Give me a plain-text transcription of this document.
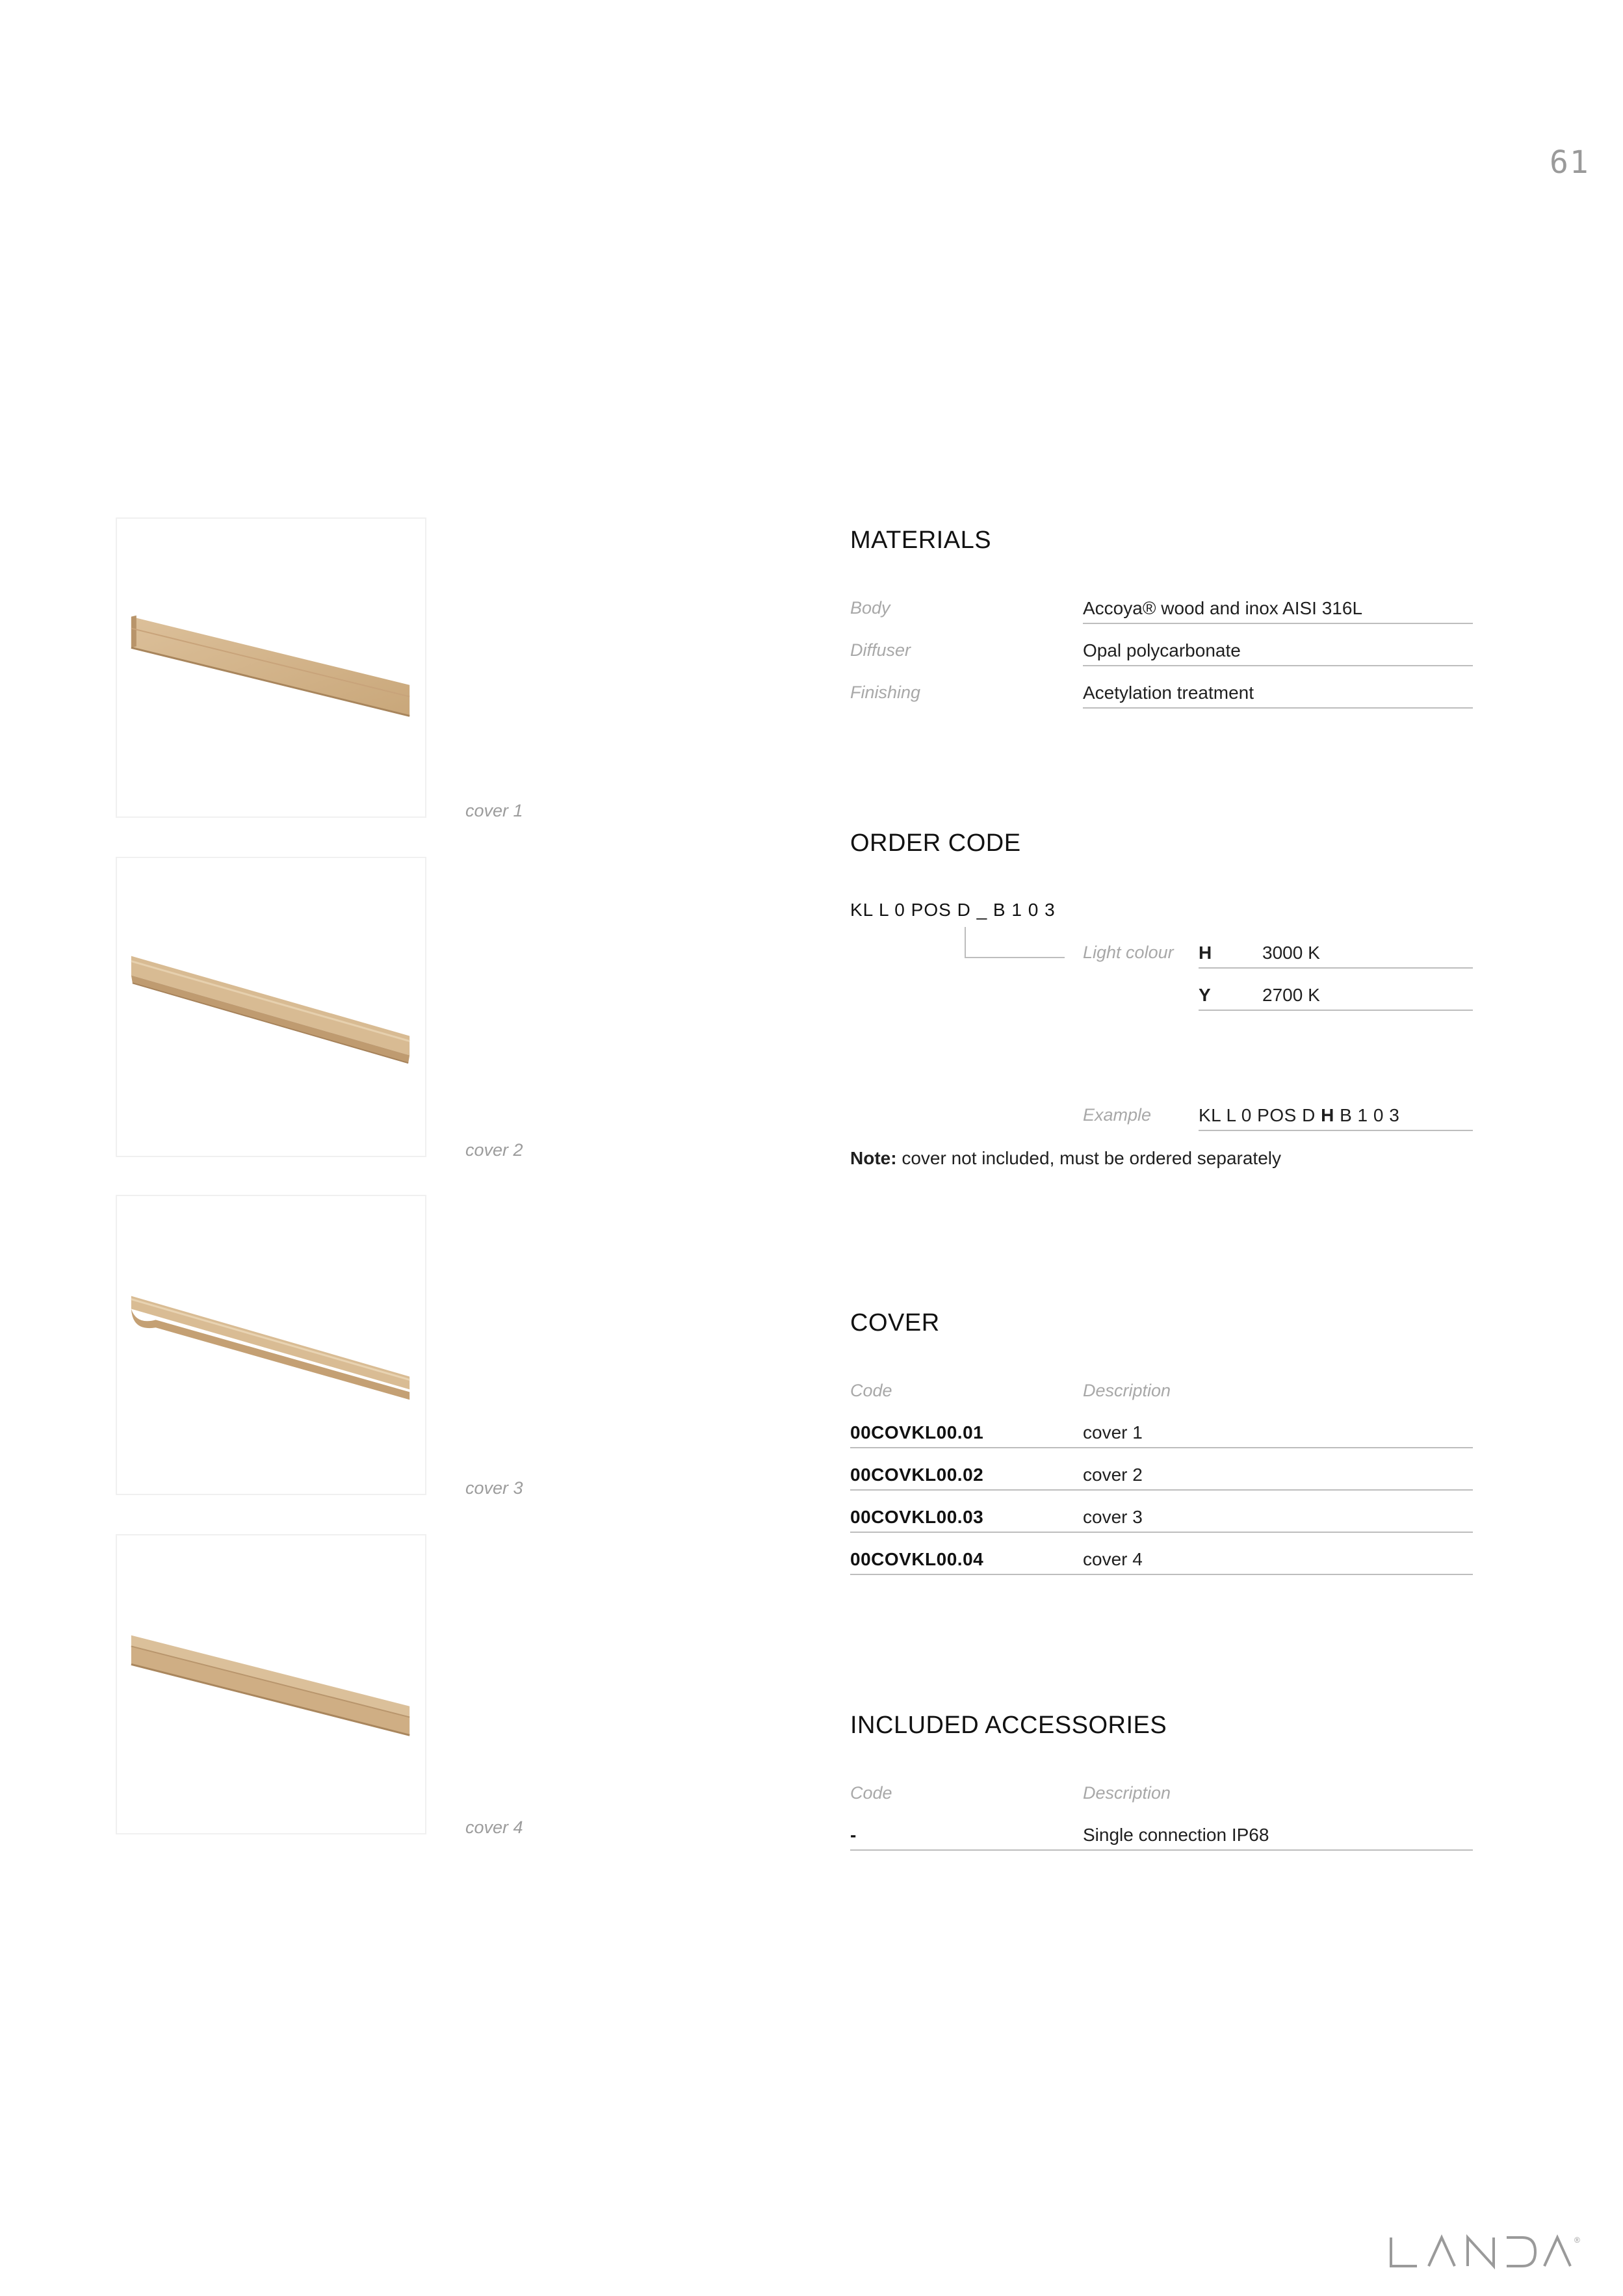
61
cover 1
cover 2
cover 3
cover 4
MATERIALS
Body	Accoya® wood and inox AISI 316L
Diffuser	Opal polycarbonate
Finishing	Acetylation treatment
ORDER CODE
KL L 0 POS D _ B 1 0 3
Light colour H	3000 K
Y	2700 K
Example	KL L 0 POS D H B 1 0 3
Note: cover not included, must be ordered separately
COVER
Code	Description
00COVKL00.01	cover 1
00COVKL00.02	cover 2
00COVKL00.03	cover 3
00COVKL00.04	cover 4
INCLUDED ACCESSORIES
Code	Description
-	Single connection IP68
®
